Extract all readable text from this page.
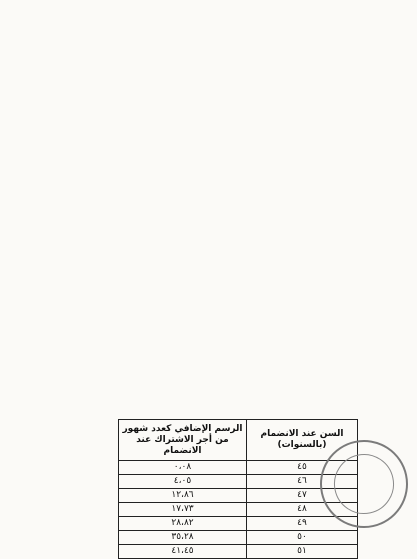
السن عند الانضمام (بالسنوات)	الرسم الإضافي كعدد شهور من أجر الاشتراك عند الانضمام
٤٥	٠،٠٨
٤٦	٤،٠٥
٤٧	١٢،٨٦
٤٨	١٧،٧٣
٤٩	٢٨،٨٢
٥٠	٣٥،٢٨
٥١	٤١،٤٥
